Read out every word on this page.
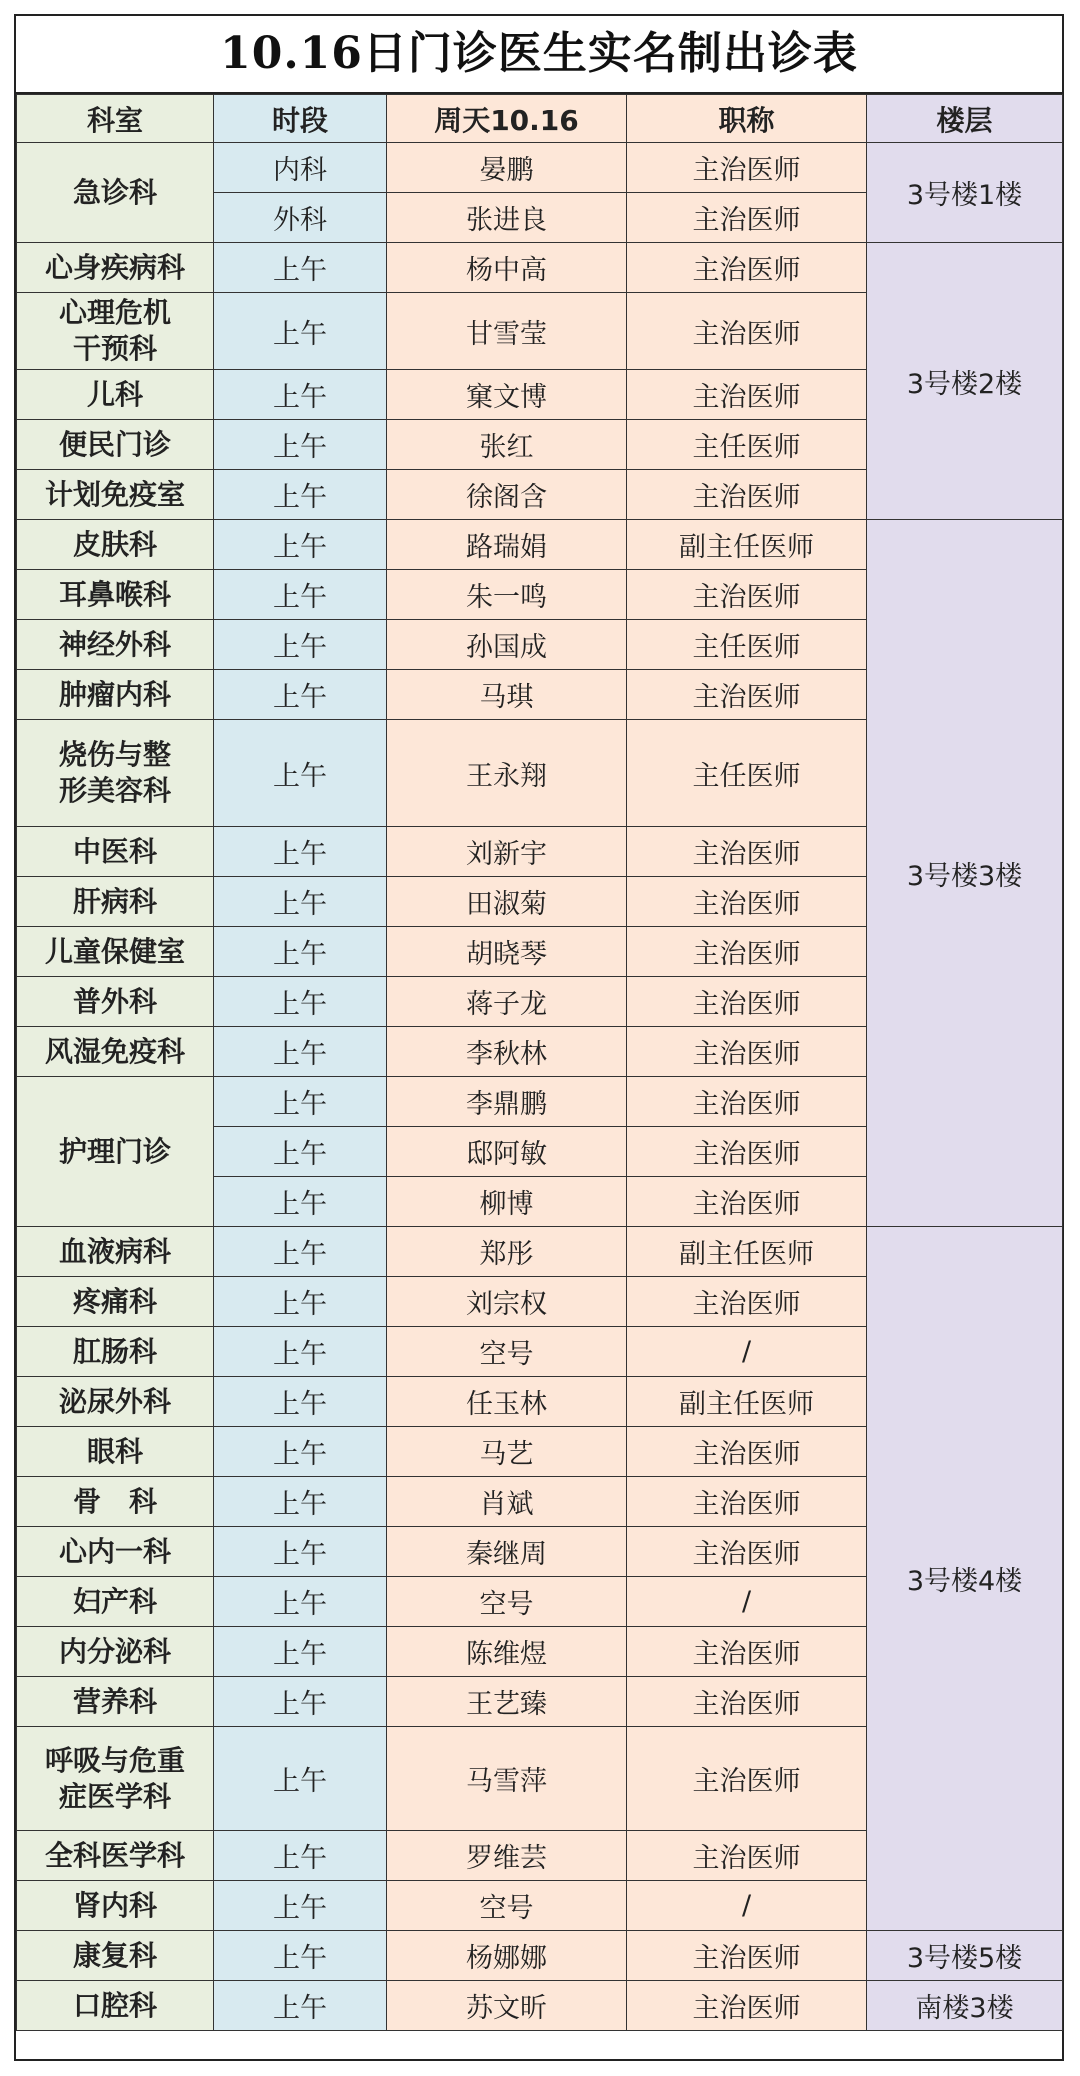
10.16日门诊医生实名制出诊表
科室	时段	周天10.16	职称	楼层
急诊科	内科	晏鹏	主治医师	3号楼1楼
	外科	张进良	主治医师	
心身疾病科	上午	杨中高	主治医师	3号楼2楼
心理危机
干预科	上午	甘雪莹	主治医师	
儿科	上午	窠文博	主治医师	
便民门诊	上午	张红	主任医师	
计划免疫室	上午	徐阁含	主治医师	
皮肤科	上午	路瑞娟	副主任医师	3号楼3楼
耳鼻喉科	上午	朱一鸣	主治医师	
神经外科	上午	孙国成	主任医师	
肿瘤内科	上午	马琪	主治医师	
烧伤与整
形美容科	上午	王永翔	主任医师	
中医科	上午	刘新宇	主治医师	
肝病科	上午	田淑菊	主治医师	
儿童保健室	上午	胡晓琴	主治医师	
普外科	上午	蒋子龙	主治医师	
风湿免疫科	上午	李秋林	主治医师	
护理门诊	上午	李鼎鹏	主治医师	
	上午	邸阿敏	主治医师	
	上午	柳博	主治医师	
血液病科	上午	郑彤	副主任医师	3号楼4楼
疼痛科	上午	刘宗权	主治医师	
肛肠科	上午	空号	/	
泌尿外科	上午	任玉林	副主任医师	
眼科	上午	马艺	主治医师	
骨　科	上午	肖斌	主治医师	
心内一科	上午	秦继周	主治医师	
妇产科	上午	空号	/	
内分泌科	上午	陈维煜	主治医师	
营养科	上午	王艺臻	主治医师	
呼吸与危重
症医学科	上午	马雪萍	主治医师	
全科医学科	上午	罗维芸	主治医师	
肾内科	上午	空号	/	
康复科	上午	杨娜娜	主治医师	3号楼5楼
口腔科	上午	苏文昕	主治医师	南楼3楼
